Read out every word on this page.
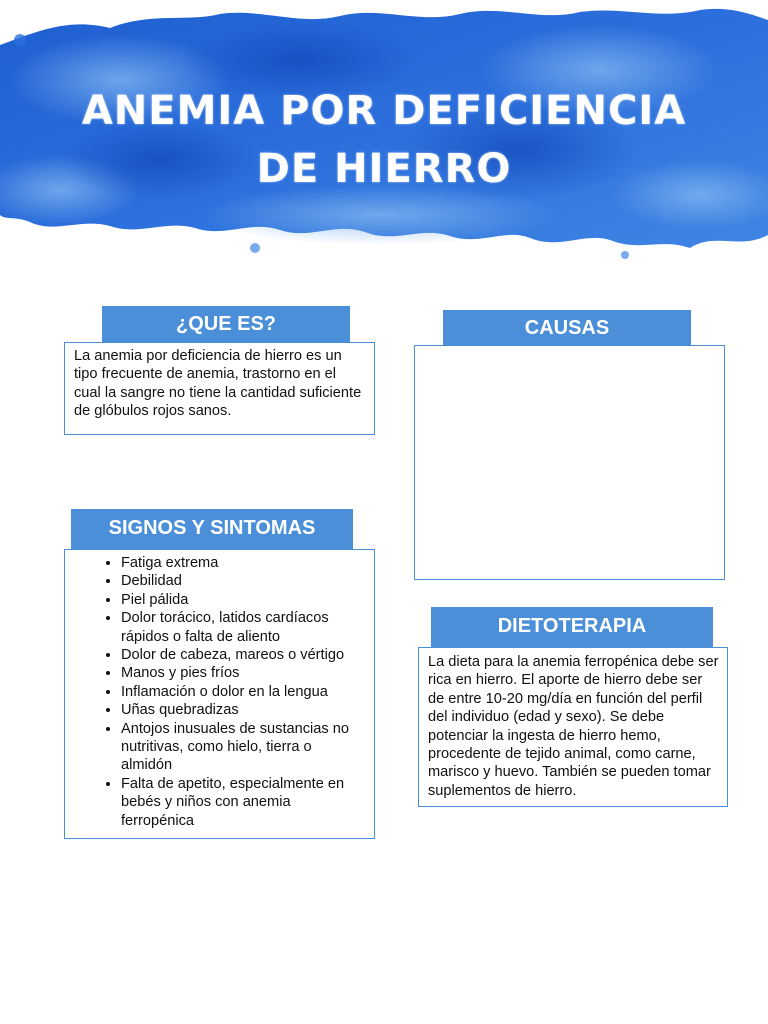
ANEMIA POR DEFICIENCIA
DE HIERRO
¿QUE ES?

La anemia por deficiencia de hierro es un tipo frecuente de anemia, trastorno en el cual la sangre no tiene la cantidad suficiente de glóbulos rojos sanos.

CAUSAS

SIGNOS Y SINTOMAS
• Fatiga extrema
• Debilidad
• Piel pálida
• Dolor torácico, latidos cardíacos rápidos o falta de aliento
• Dolor de cabeza, mareos o vértigo
• Manos y pies fríos
• Inflamación o dolor en la lengua
• Uñas quebradizas
• Antojos inusuales de sustancias no nutritivas, como hielo, tierra o almidón
• Falta de apetito, especialmente en bebés y niños con anemia ferropénica
DIETOTERAPIA

La dieta para la anemia ferropénica debe ser rica en hierro. El aporte de hierro debe ser de entre 10-20 mg/día en función del perfil del individuo (edad y sexo). Se debe potenciar la ingesta de hierro hemo, procedente de tejido animal, como carne, marisco y huevo. También se pueden tomar suplementos de hierro.
